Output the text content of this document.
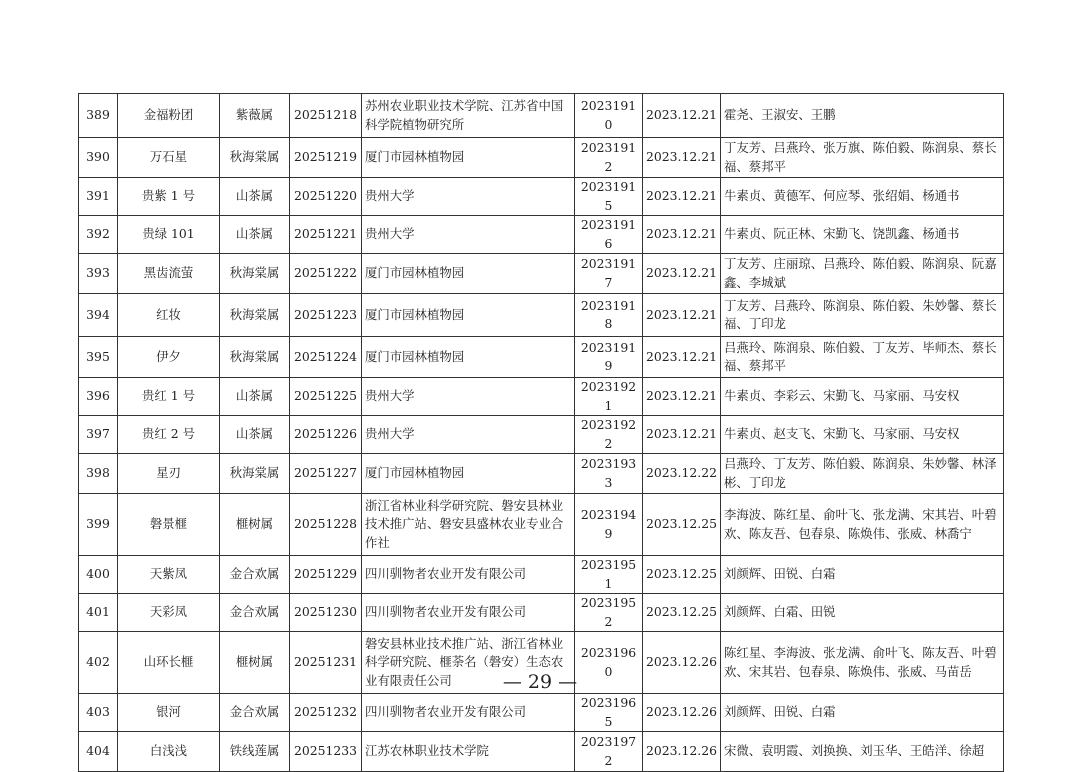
389	金福粉团	紫薇属	20251218	苏州农业职业技术学院、江苏省中国科学院植物研究所	20231910	2023.12.21	霍尧、王淑安、王鹏
390	万石星	秋海棠属	20251219	厦门市园林植物园	20231912	2023.12.21	丁友芳、吕燕玲、张万旗、陈伯毅、陈润泉、蔡长福、蔡邦平
391	贵紫 1 号	山茶属	20251220	贵州大学	20231915	2023.12.21	牛素贞、黄德军、何应琴、张绍娟、杨通书
392	贵绿 101	山茶属	20251221	贵州大学	20231916	2023.12.21	牛素贞、阮正林、宋勤飞、饶凯鑫、杨通书
393	黑齿流萤	秋海棠属	20251222	厦门市园林植物园	20231917	2023.12.21	丁友芳、庄丽琼、吕燕玲、陈伯毅、陈润泉、阮嘉鑫、李城斌
394	红妆	秋海棠属	20251223	厦门市园林植物园	20231918	2023.12.21	丁友芳、吕燕玲、陈润泉、陈伯毅、朱妙馨、蔡长福、丁印龙
395	伊夕	秋海棠属	20251224	厦门市园林植物园	20231919	2023.12.21	吕燕玲、陈润泉、陈伯毅、丁友芳、毕师杰、蔡长福、蔡邦平
396	贵红 1 号	山茶属	20251225	贵州大学	20231921	2023.12.21	牛素贞、李彩云、宋勤飞、马家丽、马安权
397	贵红 2 号	山茶属	20251226	贵州大学	20231922	2023.12.21	牛素贞、赵支飞、宋勤飞、马家丽、马安权
398	星刃	秋海棠属	20251227	厦门市园林植物园	20231933	2023.12.22	吕燕玲、丁友芳、陈伯毅、陈润泉、朱妙馨、林泽彬、丁印龙
399	磐景榧	榧树属	20251228	浙江省林业科学研究院、磐安县林业技术推广站、磐安县盛林农业专业合作社	20231949	2023.12.25	李海波、陈红星、俞叶飞、张龙满、宋其岩、叶碧欢、陈友吾、包春泉、陈焕伟、张威、林喬宁
400	天紫凤	金合欢属	20251229	四川驯物者农业开发有限公司	20231951	2023.12.25	刘颜辉、田锐、白霜
401	天彩凤	金合欢属	20251230	四川驯物者农业开发有限公司	20231952	2023.12.25	刘颜辉、白霜、田锐
402	山环长榧	榧树属	20251231	磐安县林业技术推广站、浙江省林业科学研究院、榧荼名（磐安）生态农业有限责任公司	20231960	2023.12.26	陈红星、李海波、张龙满、俞叶飞、陈友吾、叶碧欢、宋其岩、包春泉、陈焕伟、张威、马苗岳
403	银河	金合欢属	20251232	四川驯物者农业开发有限公司	20231965	2023.12.26	刘颜辉、田锐、白霜
404	白浅浅	铁线莲属	20251233	江苏农林职业技术学院	20231972	2023.12.26	宋微、袁明霞、刘换换、刘玉华、王皓洋、徐超
— 29 —
